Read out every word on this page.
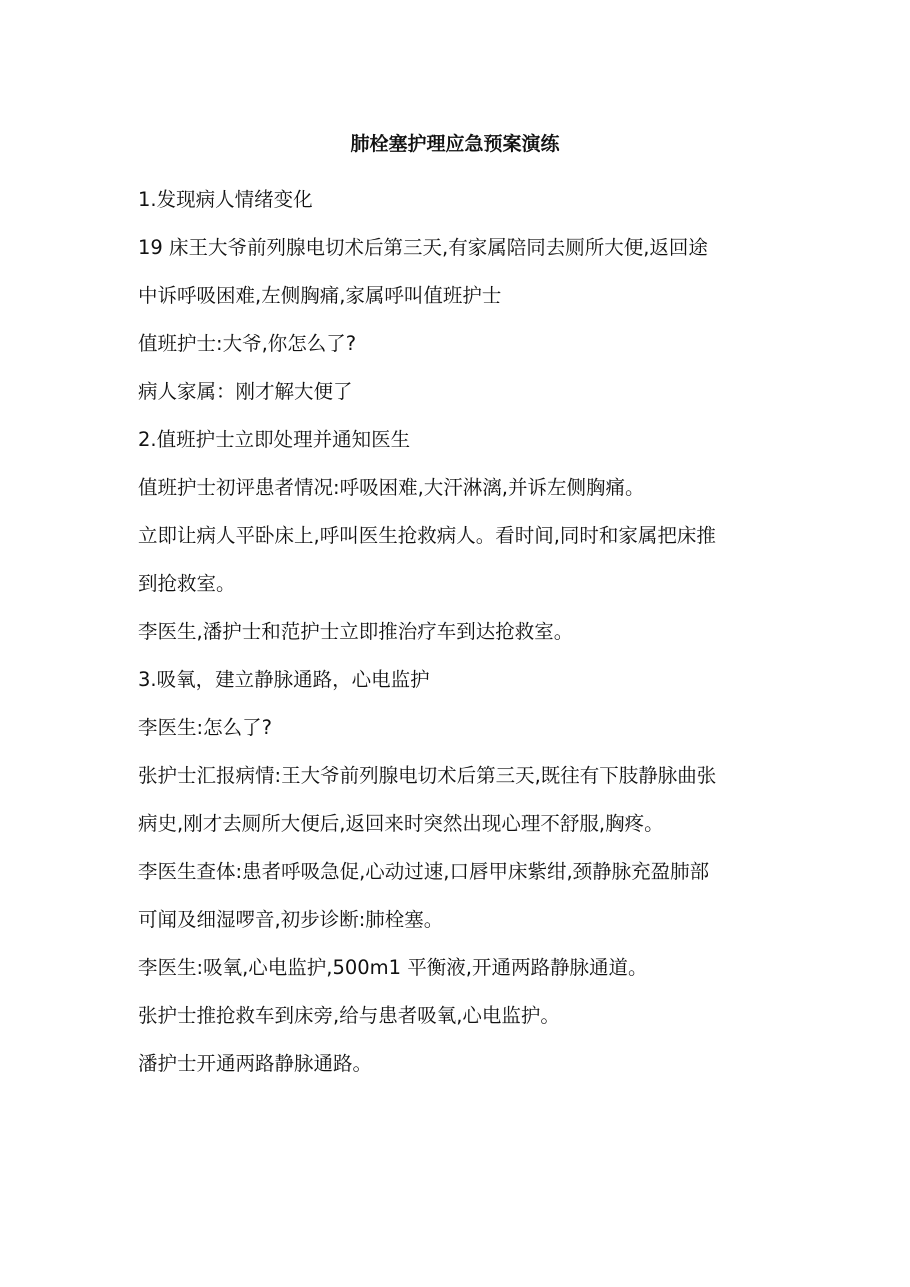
肺栓塞护理应急预案演练

1.发现病人情绪变化

19 床王大爷前列腺电切术后第三天,有家属陪同去厕所大便,返回途

中诉呼吸困难,左侧胸痛,家属呼叫值班护士

值班护士:大爷,你怎么了?

病人家属：刚才解大便了

2.值班护士立即处理并通知医生

值班护士初评患者情况:呼吸困难,大汗淋漓,并诉左侧胸痛。

立即让病人平卧床上,呼叫医生抢救病人。看时间,同时和家属把床推

到抢救室。

李医生,潘护士和范护士立即推治疗车到达抢救室。

3.吸氧，建立静脉通路，心电监护

李医生:怎么了?

张护士汇报病情:王大爷前列腺电切术后第三天,既往有下肢静脉曲张

病史,刚才去厕所大便后,返回来时突然出现心理不舒服,胸疼。

李医生查体:患者呼吸急促,心动过速,口唇甲床紫绀,颈静脉充盈肺部

可闻及细湿啰音,初步诊断:肺栓塞。

李医生:吸氧,心电监护,500m1 平衡液,开通两路静脉通道。

张护士推抢救车到床旁,给与患者吸氧,心电监护。

潘护士开通两路静脉通路。
